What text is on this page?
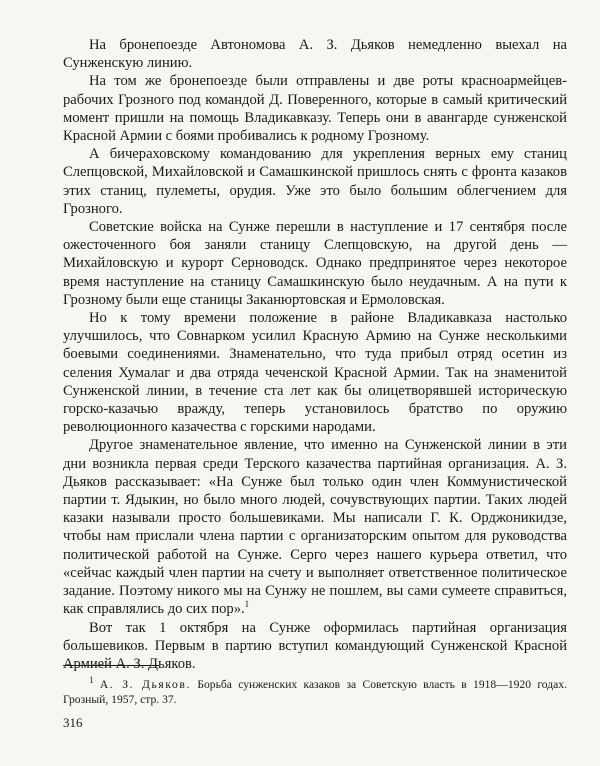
На бронепоезде Автономова А. З. Дьяков немедленно выехал на Сунженскую линию.

На том же бронепоезде были отправлены и две роты красноармейцев-рабочих Грозного под командой Д. Поверенного, которые в самый критический момент пришли на помощь Владикавказу. Теперь они в авангарде сунженской Красной Армии с боями пробивались к родному Грозному.

А бичераховскому командованию для укрепления верных ему станиц Слепцовской, Михайловской и Самашкинской пришлось снять с фронта казаков этих станиц, пулеметы, орудия. Уже это было большим облегчением для Грозного.

Советские войска на Сунже перешли в наступление и 17 сентября после ожесточенного боя заняли станицу Слепцовскую, на другой день — Михайловскую и курорт Серноводск. Однако предпринятое через некоторое время наступление на станицу Самашкинскую было неудачным. А на пути к Грозному были еще станицы Заканюртовская и Ермоловская.

Но к тому времени положение в районе Владикавказа настолько улучшилось, что Совнарком усилил Красную Армию на Сунже несколькими боевыми соединениями. Знаменательно, что туда прибыл отряд осетин из селения Хумалаг и два отряда чеченской Красной Армии. Так на знаменитой Сунженской линии, в течение ста лет как бы олицетворявшей историческую горско-казачью вражду, теперь установилось братство по оружию революционного казачества с горскими народами.

Другое знаменательное явление, что именно на Сунженской линии в эти дни возникла первая среди Терского казачества партийная организация. А. З. Дьяков рассказывает: «На Сунже был только один член Коммунистической партии т. Ядыкин, но было много людей, сочувствующих партии. Таких людей казаки называли просто большевиками. Мы написали Г. К. Орджоникидзе, чтобы нам прислали члена партии с организаторским опытом для руководства политической работой на Сунже. Серго через нашего курьера ответил, что «сейчас каждый член партии на счету и выполняет ответственное политическое задание. Поэтому никого мы на Сунжу не пошлем, вы сами сумеете справиться, как справлялись до сих пор».$^1$

Вот так 1 октября на Сунже оформилась партийная организация большевиков. Первым в партию вступил командующий Сунженской Красной Армией А. З. Дьяков.

$^1$ А. З. Дьяков. Борьба сунженских казаков за Советскую власть в 1918—1920 годах. Грозный, 1957, стр. 37.
316
